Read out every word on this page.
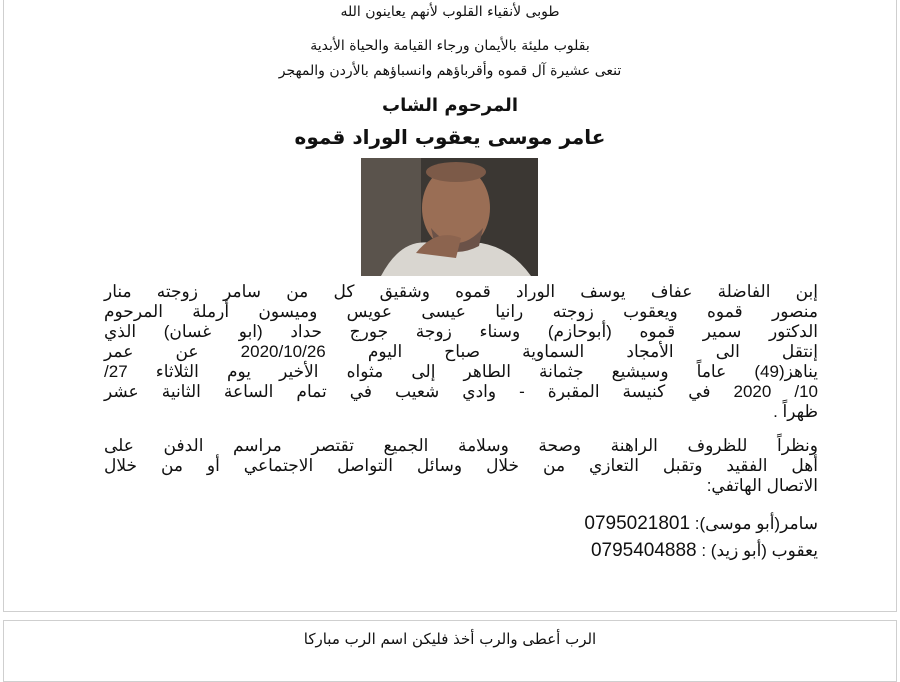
طوبى لأنقياء القلوب لأنهم يعاينون الله
بقلوب مليئة بالأيمان ورجاء القيامة والحياة الأبدية
تنعى عشيرة آل قموه وأقرباؤهم وانسباؤهم بالأردن والمهجر
المرحوم الشاب
عامر موسى يعقوب الوراد قموه
إبن الفاضلة عفاف يوسف الوراد قموه وشقيق كل من سامر زوجته منار
منصور قموه ويعقوب زوجته رانيا عيسى عويس وميسون أرملة المرحوم
الدكتور سمير قموه (أبوحازم) وسناء زوجة جورج حداد (ابو غسان) الذي
إنتقل الى الأمجاد السماوية صباح اليوم 2020/10/26 عن عمر
يناهز(49) عاماً وسيشيع جثمانة الطاهر إلى مثواه الأخير يوم الثلاثاء 27/
10/ 2020 في كنيسة المقبرة - وادي شعيب في تمام الساعة الثانية عشر
ظهراً .
ونظراً للظروف الراهنة وصحة وسلامة الجميع تقتصر مراسم الدفن على
أهل الفقيد وتقبل التعازي من خلال وسائل التواصل الاجتماعي أو من خلال
الاتصال الهاتفي:
سامر(أبو موسى): 0795021801
يعقوب (أبو زيد) : 0795404888
الرب أعطى والرب أخذ فليكن اسم الرب مباركا
